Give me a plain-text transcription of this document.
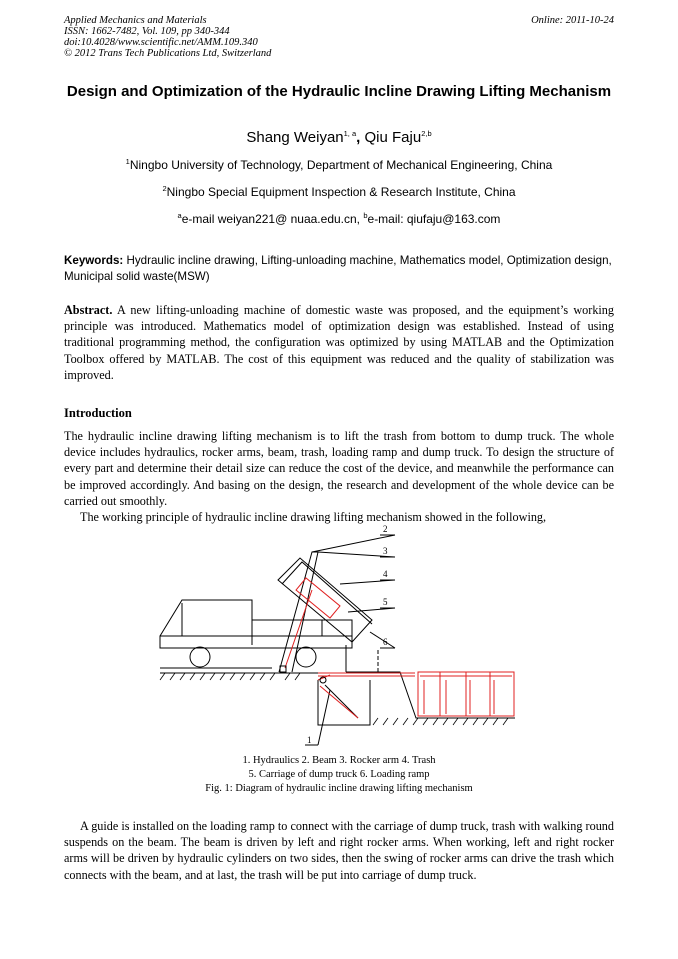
Applied Mechanics and Materials
ISSN: 1662-7482, Vol. 109, pp 340-344
doi:10.4028/www.scientific.net/AMM.109.340
© 2012 Trans Tech Publications Ltd, Switzerland
Online: 2011-10-24
Design and Optimization of the Hydraulic Incline Drawing Lifting Mechanism
Shang Weiyan$^{1, a}$, Qiu Faju$^{2,b}$
$^1$Ningbo University of Technology, Department of Mechanical Engineering, China
$^2$Ningbo Special Equipment Inspection & Research Institute, China
$^a$e-mail weiyan221@ nuaa.edu.cn, $^b$e-mail: qiufaju@163.com
Keywords: Hydraulic incline drawing, Lifting-unloading machine, Mathematics model, Optimization design, Municipal solid waste(MSW)
Abstract. A new lifting-unloading machine of domestic waste was proposed, and the equipment’s working principle was introduced. Mathematics model of optimization design was established. Instead of using traditional programming method, the configuration was optimized by using MATLAB and the Optimization Toolbox offered by MATLAB. The cost of this equipment was reduced and the quality of stabilization was improved.
Introduction
The hydraulic incline drawing lifting mechanism is to lift the trash from bottom to dump truck. The whole device includes hydraulics, rocker arms, beam, trash, loading ramp and dump truck. To design the structure of every part and determine their detail size can reduce the cost of the device, and meanwhile the performance can be improved accordingly. And basing on the design, the research and development of the whole device can be carried out smoothly.
The working principle of hydraulic incline drawing lifting mechanism showed in the following,
2
3
4
5
6
1
1. Hydraulics 2. Beam 3. Rocker arm 4. Trash
5. Carriage of dump truck 6. Loading ramp
Fig. 1: Diagram of hydraulic incline drawing lifting mechanism
A guide is installed on the loading ramp to connect with the carriage of dump truck, trash with walking round suspends on the beam. The beam is driven by left and right rocker arms. When working, left and right rocker arms will be driven by hydraulic cylinders on two sides, then the swing of rocker arms can drive the trash which connects with the beam, and at last, the trash will be put into carriage of dump truck.
